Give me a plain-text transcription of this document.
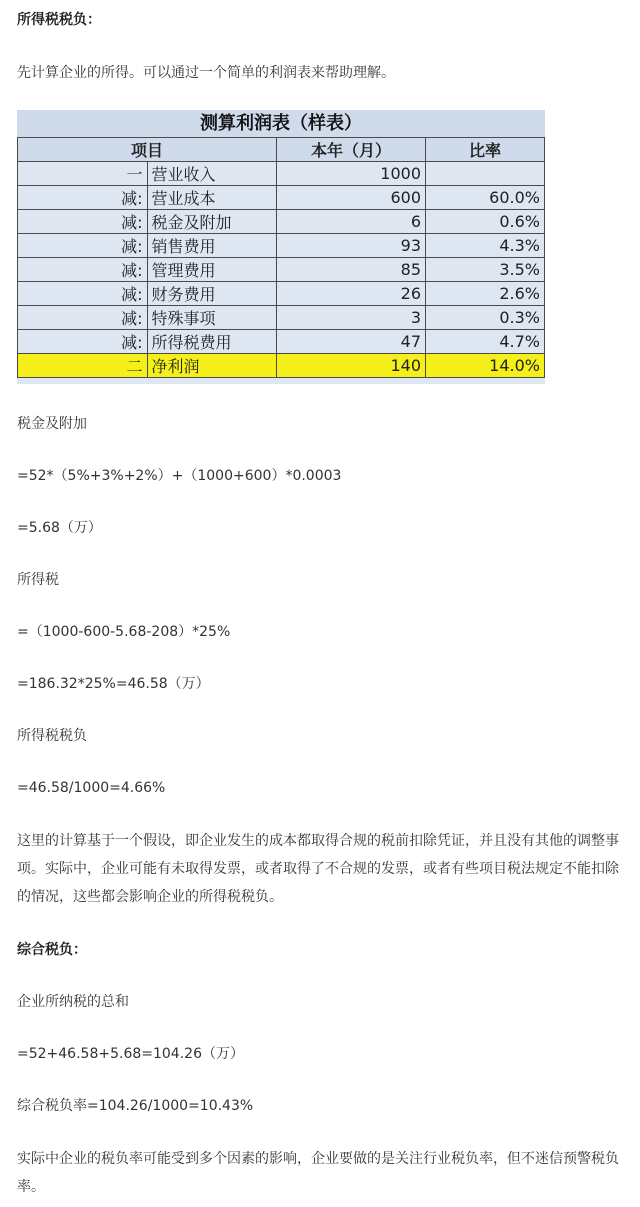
所得税税负：
先计算企业的所得。可以通过一个简单的利润表来帮助理解。
测算利润表（样表）
项目		本年（月）	比率
一	营业收入	1000	
减:	营业成本	600	60.0%
减:	税金及附加	6	0.6%
减:	销售费用	93	4.3%
减:	管理费用	85	3.5%
减:	财务费用	26	2.6%
减:	特殊事项	3	0.3%
减:	所得税费用	47	4.7%
二	净利润	140	14.0%
税金及附加
=52*（5%+3%+2%）+（1000+600）*0.0003
=5.68（万）
所得税
=（1000-600-5.68-208）*25%
=186.32*25%=46.58（万）
所得税税负
=46.58/1000=4.66%
这里的计算基于一个假设，即企业发生的成本都取得合规的税前扣除凭证，并且没有其他的调整事项。实际中，企业可能有未取得发票，或者取得了不合规的发票，或者有些项目税法规定不能扣除的情况，这些都会影响企业的所得税税负。
综合税负：
企业所纳税的总和
=52+46.58+5.68=104.26（万）
综合税负率=104.26/1000=10.43%
实际中企业的税负率可能受到多个因素的影响，企业要做的是关注行业税负率，但不迷信预警税负率。
